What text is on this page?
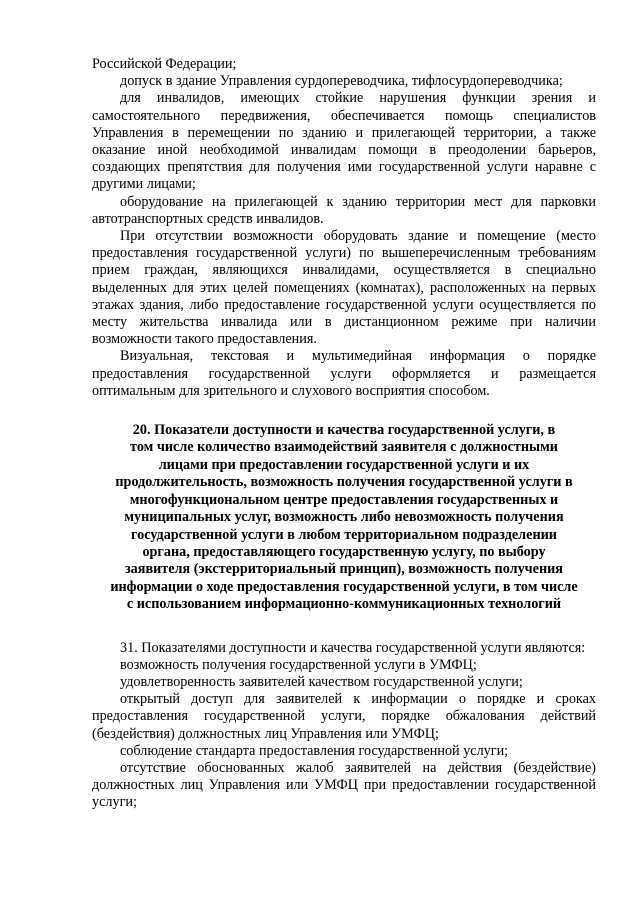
Российской Федерации;

допуск в здание Управления сурдопереводчика, тифлосурдопереводчика;

для инвалидов, имеющих стойкие нарушения функции зрения и самостоятельного передвижения, обеспечивается помощь специалистов Управления в перемещении по зданию и прилегающей территории, а также оказание иной необходимой инвалидам помощи в преодолении барьеров, создающих препятствия для получения ими государственной услуги наравне с другими лицами;

оборудование на прилегающей к зданию территории мест для парковки автотранспортных средств инвалидов.

При отсутствии возможности оборудовать здание и помещение (место предоставления государственной услуги) по вышеперечисленным требованиям прием граждан, являющихся инвалидами, осуществляется в специально выделенных для этих целей помещениях (комнатах), расположенных на первых этажах здания, либо предоставление государственной услуги осуществляется по месту жительства инвалида или в дистанционном режиме при наличии возможности такого предоставления.

Визуальная, текстовая и мультимедийная информация о порядке предоставления государственной услуги оформляется и размещается оптимальным для зрительного и слухового восприятия способом.

20. Показатели доступности и качества государственной услуги, в
том числе количество взаимодействий заявителя с должностными
лицами при предоставлении государственной услуги и их
продолжительность, возможность получения государственной услуги в
многофункциональном центре предоставления государственных и
муниципальных услуг, возможность либо невозможность получения
государственной услуги в любом территориальном подразделении
органа, предоставляющего государственную услугу, по выбору
заявителя (экстерриториальный принцип), возможность получения
информации о ходе предоставления государственной услуги, в том числе
с использованием информационно-коммуникационных технологий

31. Показателями доступности и качества государственной услуги являются:

возможность получения государственной услуги в УМФЦ;

удовлетворенность заявителей качеством государственной услуги;

открытый доступ для заявителей к информации о порядке и сроках предоставления государственной услуги, порядке обжалования действий (бездействия) должностных лиц Управления или УМФЦ;

соблюдение стандарта предоставления государственной услуги;

отсутствие обоснованных жалоб заявителей на действия (бездействие) должностных лиц Управления или УМФЦ при предоставлении государственной услуги;
